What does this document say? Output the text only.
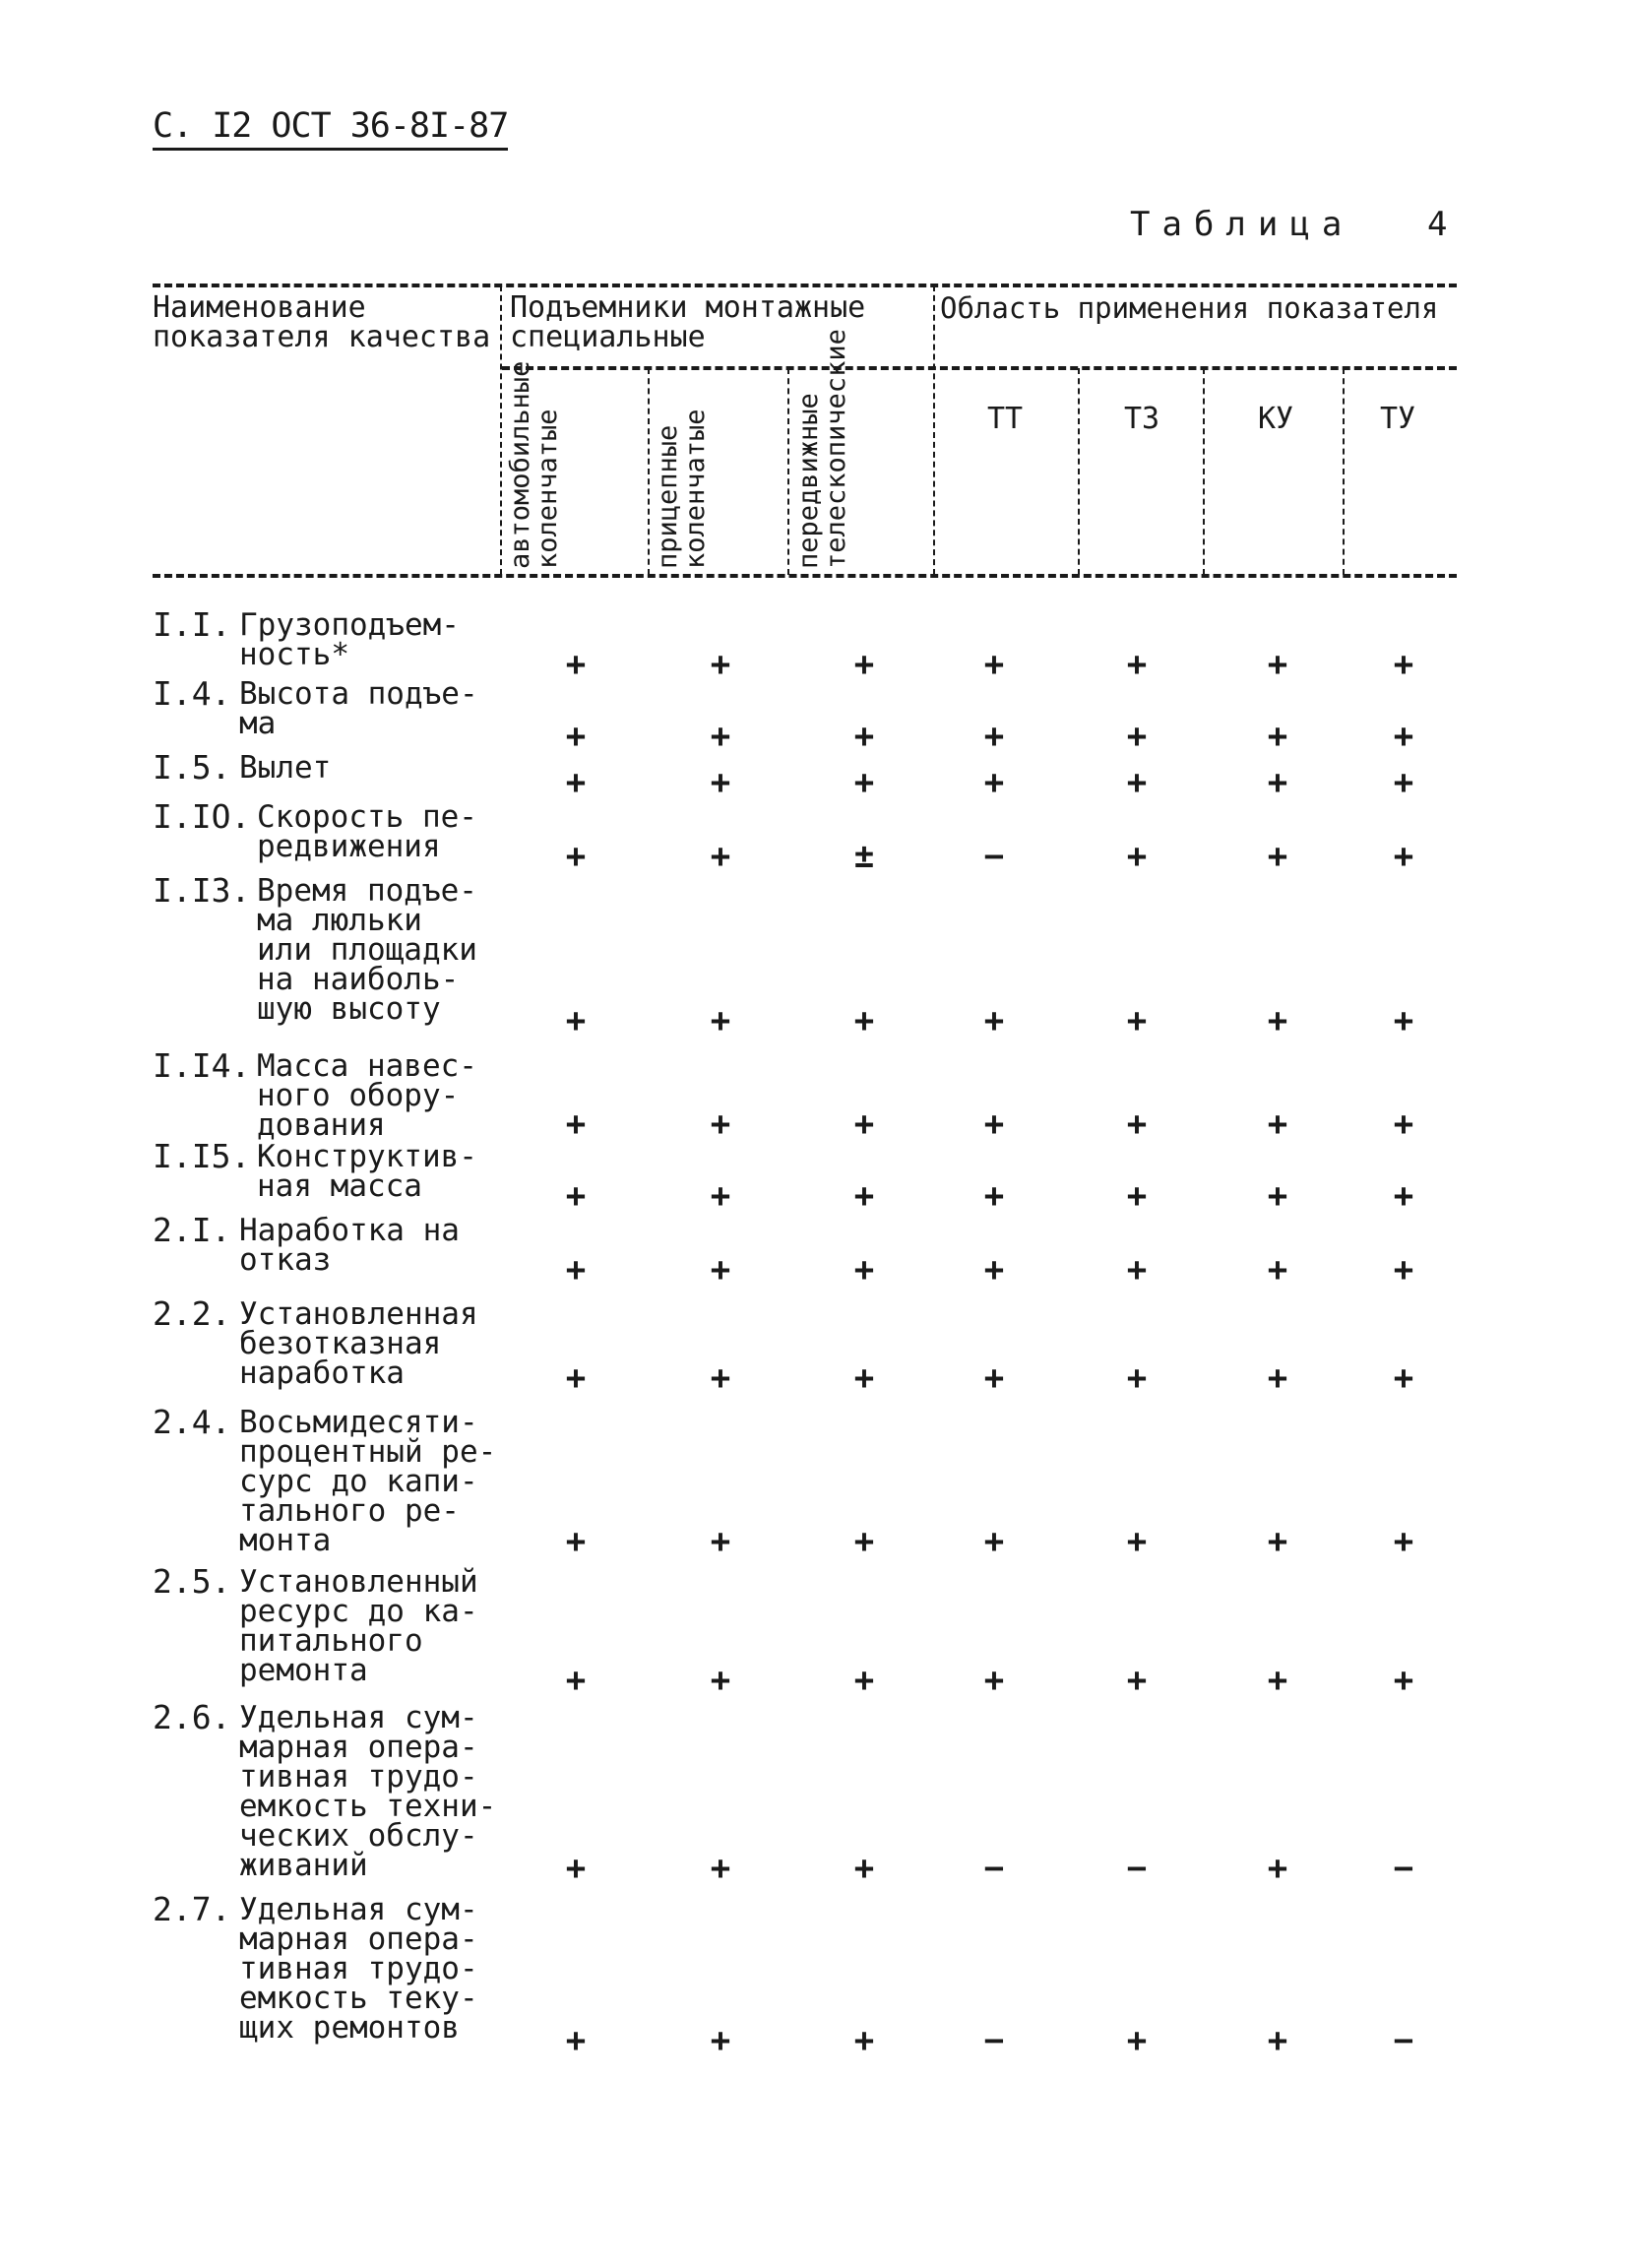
С. I2 ОСТ 36-8I-87
Таблица 4
Наименование показателя качества
Подъемники монтажные специальные
Область применения показателя
автомобильные коленчатые	прицепные коленчатые	передвижные телескопические	ТТ	ТЗ	КУ	ТУ
I.I. Грузоподъем-
ность*	+	+	+	+	+	+	+
I.4. Высота подъе-
ма	+	+	+	+	+	+	+
I.5. Вылет	+	+	+	+	+	+	+
I.IO. Скорость пе-
редвижения	+	+	±	−	+	+	+
I.I3. Время подъе-
ма люльки
или площадки
на наиболь-
шую высоту	+	+	+	+	+	+	+
I.I4. Масса навес-
ного обору-
дования	+	+	+	+	+	+	+
I.I5. Конструктив-
ная масса	+	+	+	+	+	+	+
2.I. Наработка на
отказ	+	+	+	+	+	+	+
2.2. Установленная
безотказная
наработка	+	+	+	+	+	+	+
2.4. Восьмидесяти-
процентный ре-
сурс до капи-
тального ре-
монта	+	+	+	+	+	+	+
2.5. Установленный
ресурс до ка-
питального
ремонта	+	+	+	+	+	+	+
2.6. Удельная сум-
марная опера-
тивная трудо-
емкость техни-
ческих обслу-
живаний	+	+	+	−	−	+	−
2.7. Удельная сум-
марная опера-
тивная трудо-
емкость теку-
щих ремонтов	+	+	+	−	+	+	−
